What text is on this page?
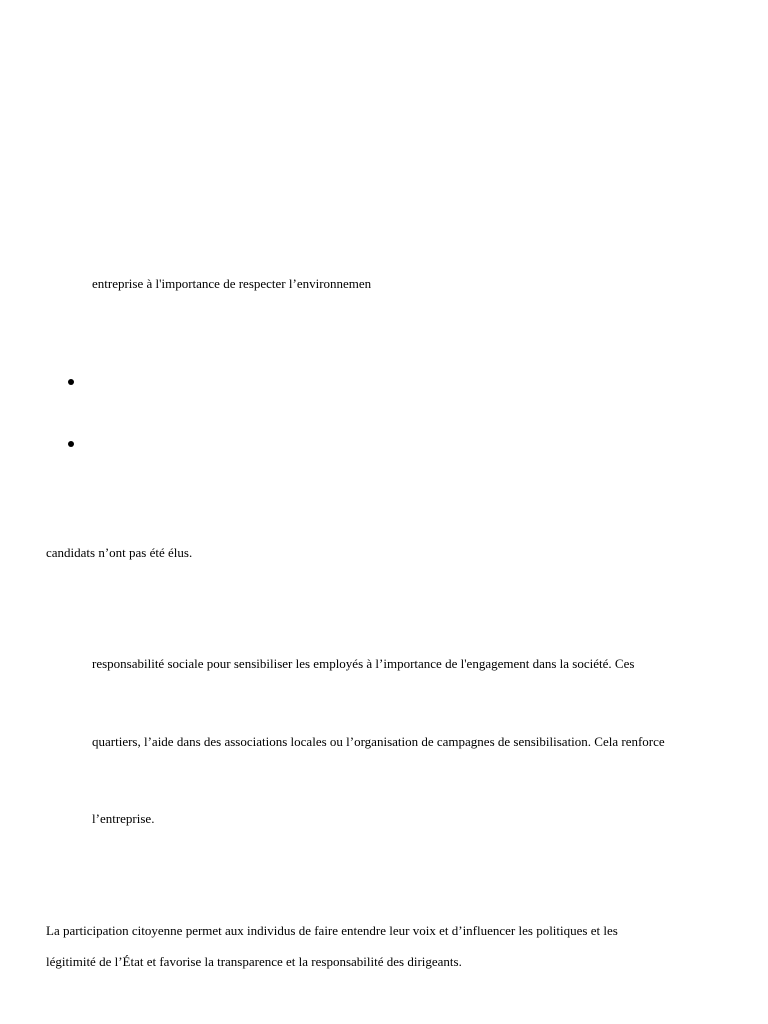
entreprise à l'importance de respecter l’environnemen
candidats n’ont pas été élus.
responsabilité sociale pour sensibiliser les employés à l’importance de l'engagement dans la société. Ces
quartiers, l’aide dans des associations locales ou l’organisation de campagnes de sensibilisation. Cela renforce
l’entreprise.
La participation citoyenne permet aux individus de faire entendre leur voix et d’influencer les politiques et les
légitimité de l’État et favorise la transparence et la responsabilité des dirigeants.
